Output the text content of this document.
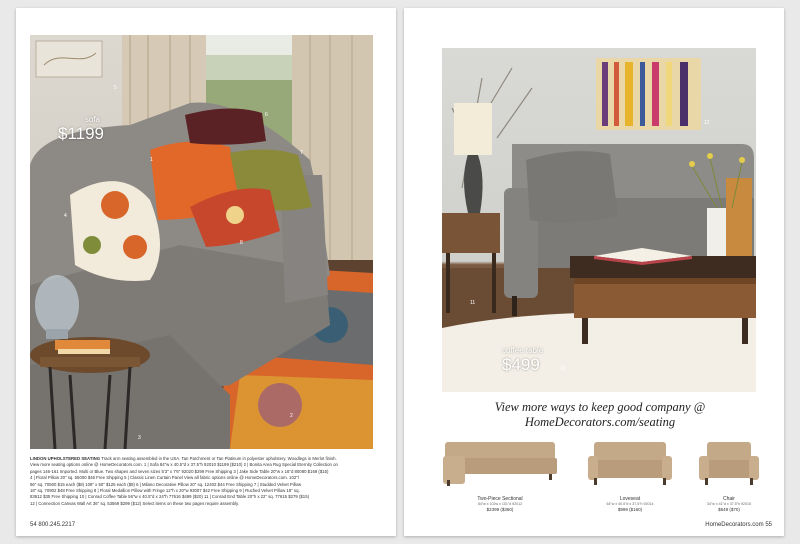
sofa
$1199
5
1
6
8
7
4
3
2
LINDON UPHOLSTERED SEATING Track arm seating assembled in the USA. Tan Parchment or Tan Platinum in polyester upholstery. Woodlegs in Merlot finish.
View more seating options online @ HomeDecorators.com. 1 | Sofa 84"w x 40.5"d x 37.5"h 92010 $1199 ($210) 2 | Bonita Area Rug Special Eternity Collection on
pages 146-161 Imported. Multi or Blue. Two shapes and seven sizes 5'3" x 7'6" 92020 $299 Free Shipping 3 | Jake Side Table 20"w x 16"d 80080 $169 ($15)
4 | Floral Pillow 20" sq. 55000 $46 Free Shipping 5 | Classic Linen Curtain Panel View all fabric options online @ HomeDecorators.com. 102"l
96" sq. 70500 $15 each ($8) 108" x 50" $125 each ($8) 6 | Milano Decorative Pillow 20" sq. 12402 $44 Free Shipping 7 | Studded Velvet Pillow
18" sq. 70902 $48 Free Shipping 8 | Floral Medallion Pillow with Fringe 12"h x 20"w 93007 $42 Free Shipping 9 | Ruched Velvet Pillow 18" sq.
83612 $35 Free Shipping 10 | Conrad Coffee Table 56"w x 40.5"d x 24"h 77616 $499 ($20) 11 | Conrad End Table 20"h x 22" sq. 77615 $279 ($15)
12 | Connection Canvas Wall Art 36" sq. 53569 $299 ($12) Select items on these two pages require assembly.
54 800.245.2217
coffee table
$499
12
11
10
View more ways to keep good company @ HomeDecorators.com/seating
Two-Piece Sectional
84"w x 102w x 101"d 92012
$2399 ($360)
Loveseat
64"w x 40.5"d x 37.5"h 92014
$999 ($160)
Chair
34"w x 41"d x 37.5"h 92015
$649 ($70)
HomeDecorators.com 55
